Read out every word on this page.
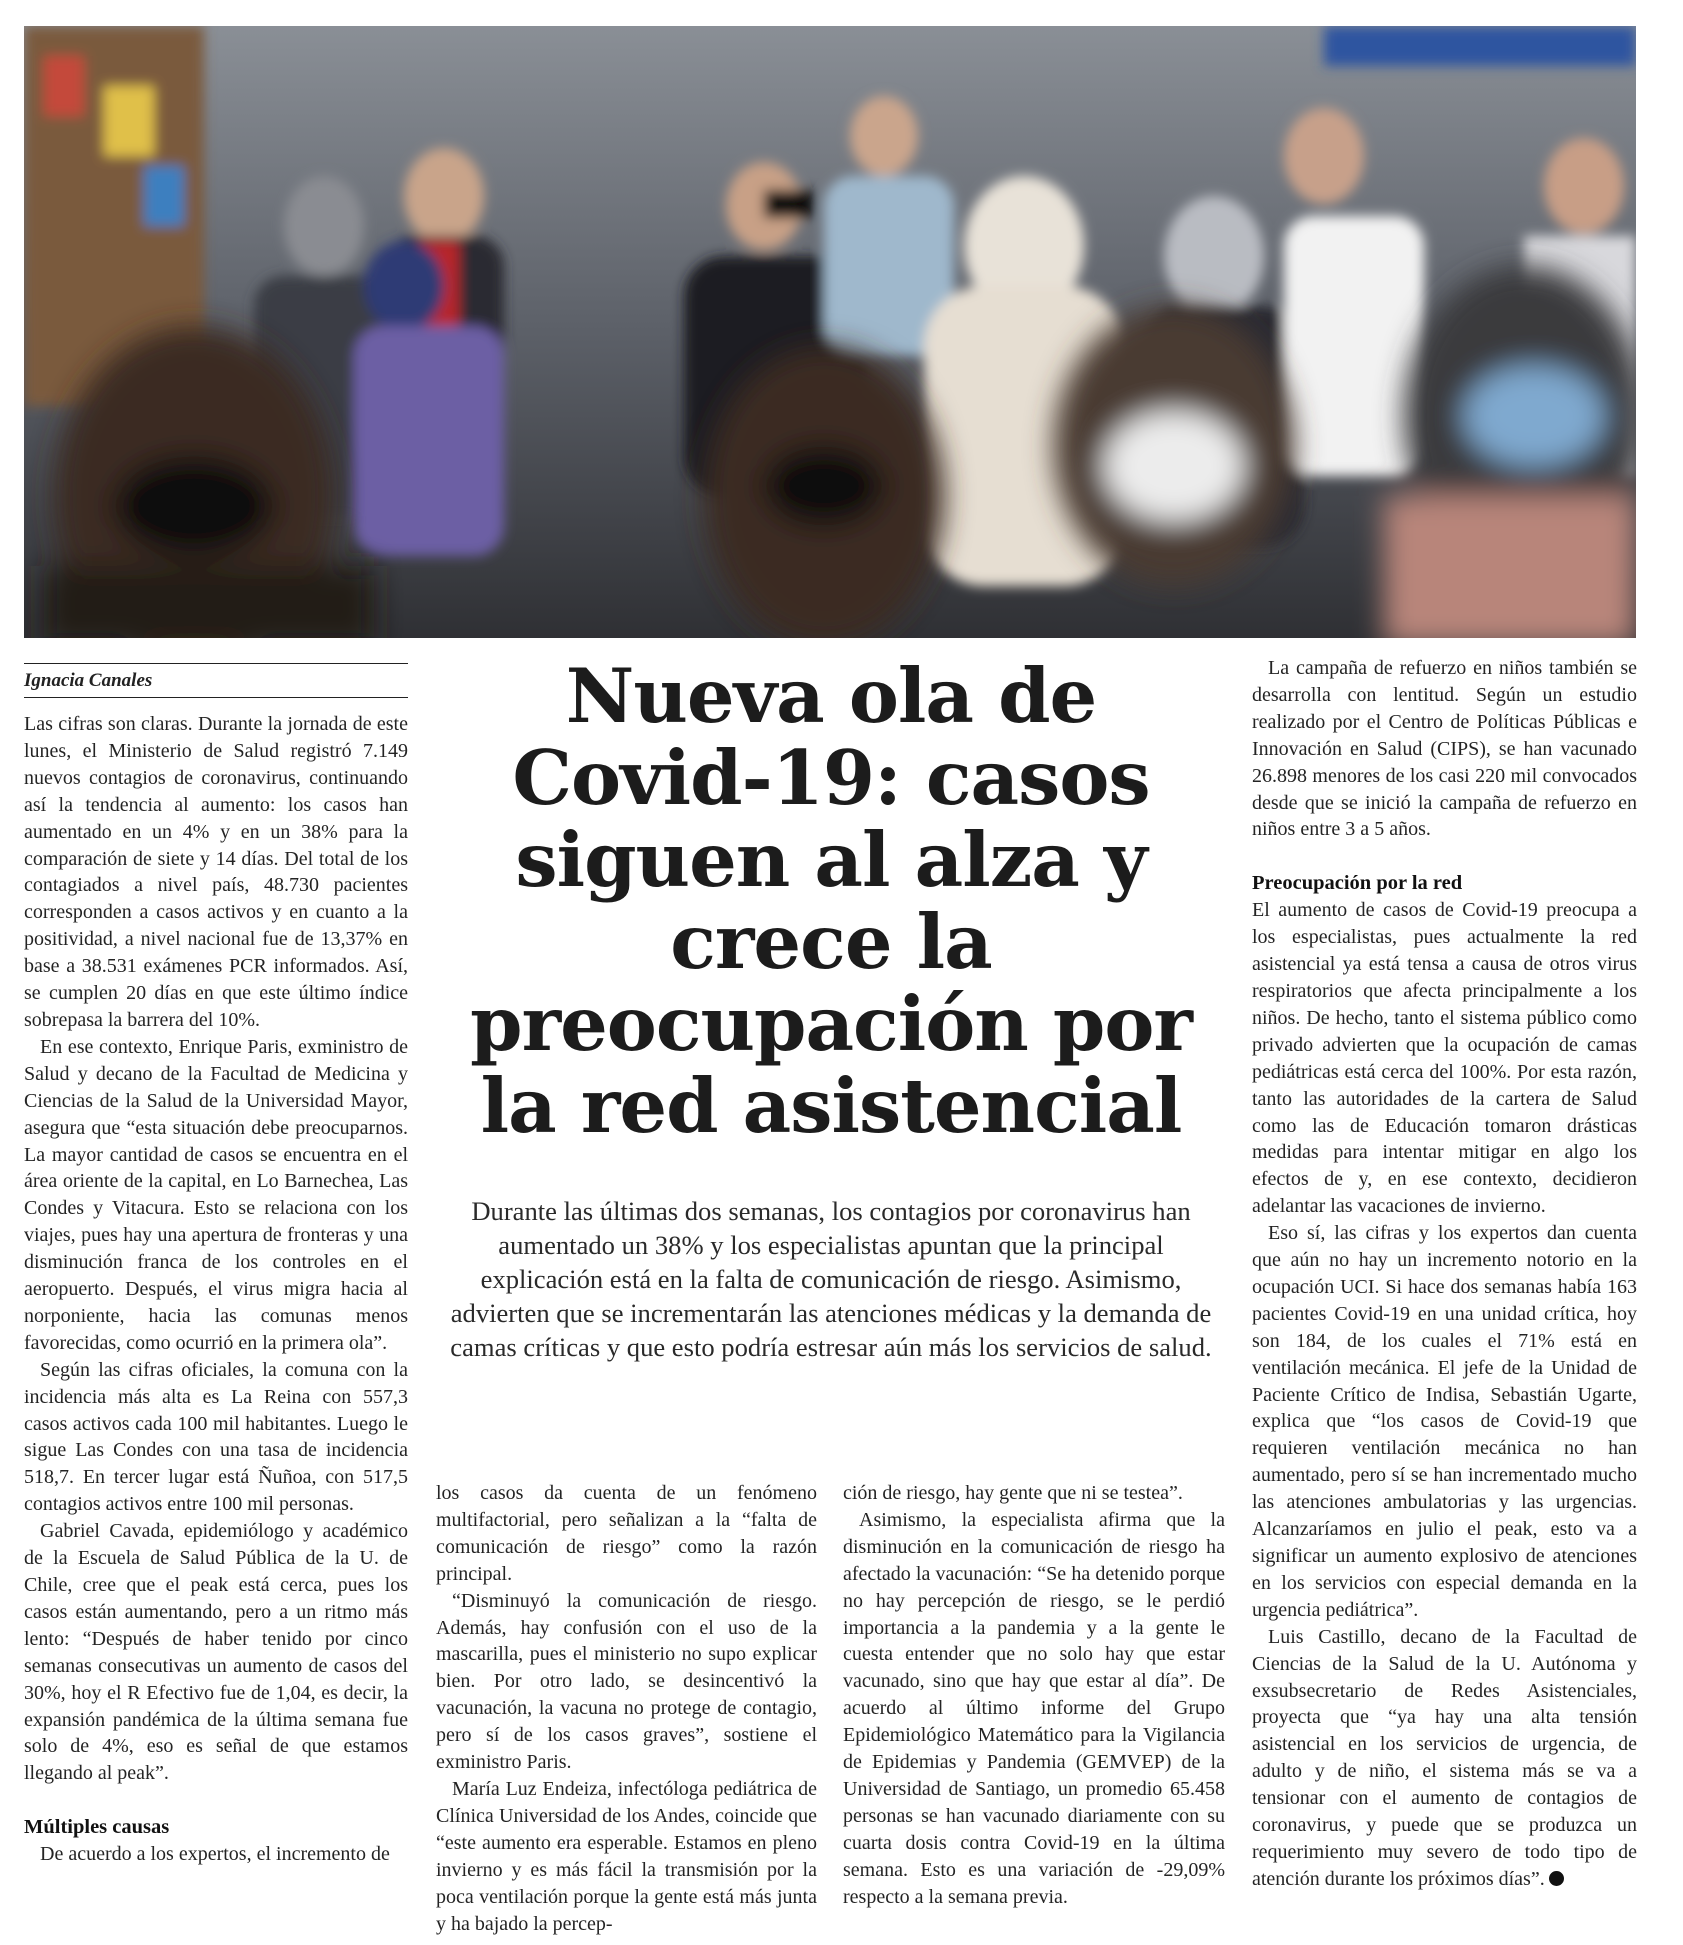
Ignacia Canales

Las cifras son claras. Durante la jornada de este lunes, el Ministerio de Salud registró 7.149 nuevos contagios de coronavirus, continuando así la tendencia al aumento: los casos han aumentado en un 4% y en un 38% para la comparación de siete y 14 días. Del total de los contagiados a nivel país, 48.730 pacientes corresponden a casos activos y en cuanto a la positividad, a nivel nacional fue de 13,37% en base a 38.531 exámenes PCR informados. Así, se cumplen 20 días en que este último índice sobrepasa la barrera del 10%.

En ese contexto, Enrique Paris, exministro de Salud y decano de la Facultad de Medicina y Ciencias de la Salud de la Universidad Mayor, asegura que “esta situación debe preocuparnos. La mayor cantidad de casos se encuentra en el área oriente de la capital, en Lo Barnechea, Las Condes y Vitacura. Esto se relaciona con los viajes, pues hay una apertura de fronteras y una disminución franca de los controles en el aeropuerto. Después, el virus migra hacia al norponiente, hacia las comunas menos favorecidas, como ocurrió en la primera ola”.

Según las cifras oficiales, la comuna con la incidencia más alta es La Reina con 557,3 casos activos cada 100 mil habitantes. Luego le sigue Las Condes con una tasa de incidencia 518,7. En tercer lugar está Ñuñoa, con 517,5 contagios activos entre 100 mil personas.

Gabriel Cavada, epidemiólogo y académico de la Escuela de Salud Pública de la U. de Chile, cree que el peak está cerca, pues los casos están aumentando, pero a un ritmo más lento: “Después de haber tenido por cinco semanas consecutivas un aumento de casos del 30%, hoy el R Efectivo fue de 1,04, es decir, la expansión pandémica de la última semana fue solo de 4%, eso es señal de que estamos llegando al peak”.

Múltiples causas

De acuerdo a los expertos, el incremento de

Nueva ola de Covid-19: casos siguen al alza y crece la preocupación por la red asistencial

Durante las últimas dos semanas, los contagios por coronavirus han aumentado un 38% y los especialistas apuntan que la principal explicación está en la falta de comunicación de riesgo. Asimismo, advierten que se incrementarán las atenciones médicas y la demanda de camas críticas y que esto podría estresar aún más los servicios de salud.

los casos da cuenta de un fenómeno multifactorial, pero señalizan a la “falta de comunicación de riesgo” como la razón principal.

“Disminuyó la comunicación de riesgo. Además, hay confusión con el uso de la mascarilla, pues el ministerio no supo explicar bien. Por otro lado, se desincentivó la vacunación, la vacuna no protege de contagio, pero sí de los casos graves”, sostiene el exministro Paris.

María Luz Endeiza, infectóloga pediátrica de Clínica Universidad de los Andes, coincide que “este aumento era esperable. Estamos en pleno invierno y es más fácil la transmisión por la poca ventilación porque la gente está más junta y ha bajado la percep-

ción de riesgo, hay gente que ni se testea”.

Asimismo, la especialista afirma que la disminución en la comunicación de riesgo ha afectado la vacunación: “Se ha detenido porque no hay percepción de riesgo, se le perdió importancia a la pandemia y a la gente le cuesta entender que no solo hay que estar vacunado, sino que hay que estar al día”. De acuerdo al último informe del Grupo Epidemiológico Matemático para la Vigilancia de Epidemias y Pandemia (GEMVEP) de la Universidad de Santiago, un promedio 65.458 personas se han vacunado diariamente con su cuarta dosis contra Covid-19 en la última semana. Esto es una variación de -29,09% respecto a la semana previa.

La campaña de refuerzo en niños también se desarrolla con lentitud. Según un estudio realizado por el Centro de Políticas Públicas e Innovación en Salud (CIPS), se han vacunado 26.898 menores de los casi 220 mil convocados desde que se inició la campaña de refuerzo en niños entre 3 a 5 años.

Preocupación por la red

El aumento de casos de Covid-19 preocupa a los especialistas, pues actualmente la red asistencial ya está tensa a causa de otros virus respiratorios que afecta principalmente a los niños. De hecho, tanto el sistema público como privado advierten que la ocupación de camas pediátricas está cerca del 100%. Por esta razón, tanto las autoridades de la cartera de Salud como las de Educación tomaron drásticas medidas para intentar mitigar en algo los efectos de y, en ese contexto, decidieron adelantar las vacaciones de invierno.

Eso sí, las cifras y los expertos dan cuenta que aún no hay un incremento notorio en la ocupación UCI. Si hace dos semanas había 163 pacientes Covid-19 en una unidad crítica, hoy son 184, de los cuales el 71% está en ventilación mecánica. El jefe de la Unidad de Paciente Crítico de Indisa, Sebastián Ugarte, explica que “los casos de Covid-19 que requieren ventilación mecánica no han aumentado, pero sí se han incrementado mucho las atenciones ambulatorias y las urgencias. Alcanzaríamos en julio el peak, esto va a significar un aumento explosivo de atenciones en los servicios con especial demanda en la urgencia pediátrica”.

Luis Castillo, decano de la Facultad de Ciencias de la Salud de la U. Autónoma y exsubsecretario de Redes Asistenciales, proyecta que “ya hay una alta tensión asistencial en los servicios de urgencia, de adulto y de niño, el sistema más se va a tensionar con el aumento de contagios de coronavirus, y puede que se produzca un requerimiento muy severo de todo tipo de atención durante los próximos días”.
